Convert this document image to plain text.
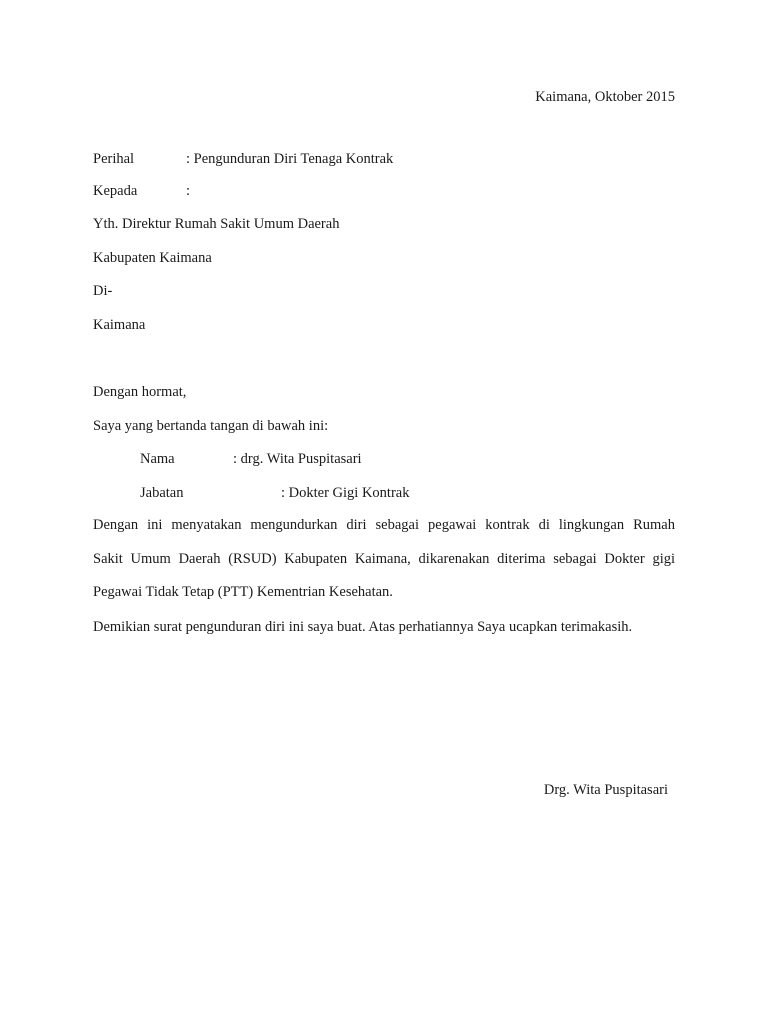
Kaimana, Oktober 2015
Perihal	: Pengunduran Diri Tenaga Kontrak
Kepada	:
Yth. Direktur Rumah Sakit Umum Daerah
Kabupaten Kaimana
Di-
Kaimana
Dengan hormat,
Saya yang bertanda tangan di bawah ini:
Nama	: drg. Wita Puspitasari
Jabatan	: Dokter Gigi Kontrak
Dengan ini menyatakan mengundurkan diri sebagai pegawai kontrak di lingkungan Rumah
Sakit Umum Daerah (RSUD) Kabupaten Kaimana, dikarenakan diterima sebagai Dokter gigi
Pegawai Tidak Tetap (PTT) Kementrian Kesehatan.
Demikian surat pengunduran diri ini saya buat. Atas perhatiannya Saya ucapkan terimakasih.
Drg. Wita Puspitasari
